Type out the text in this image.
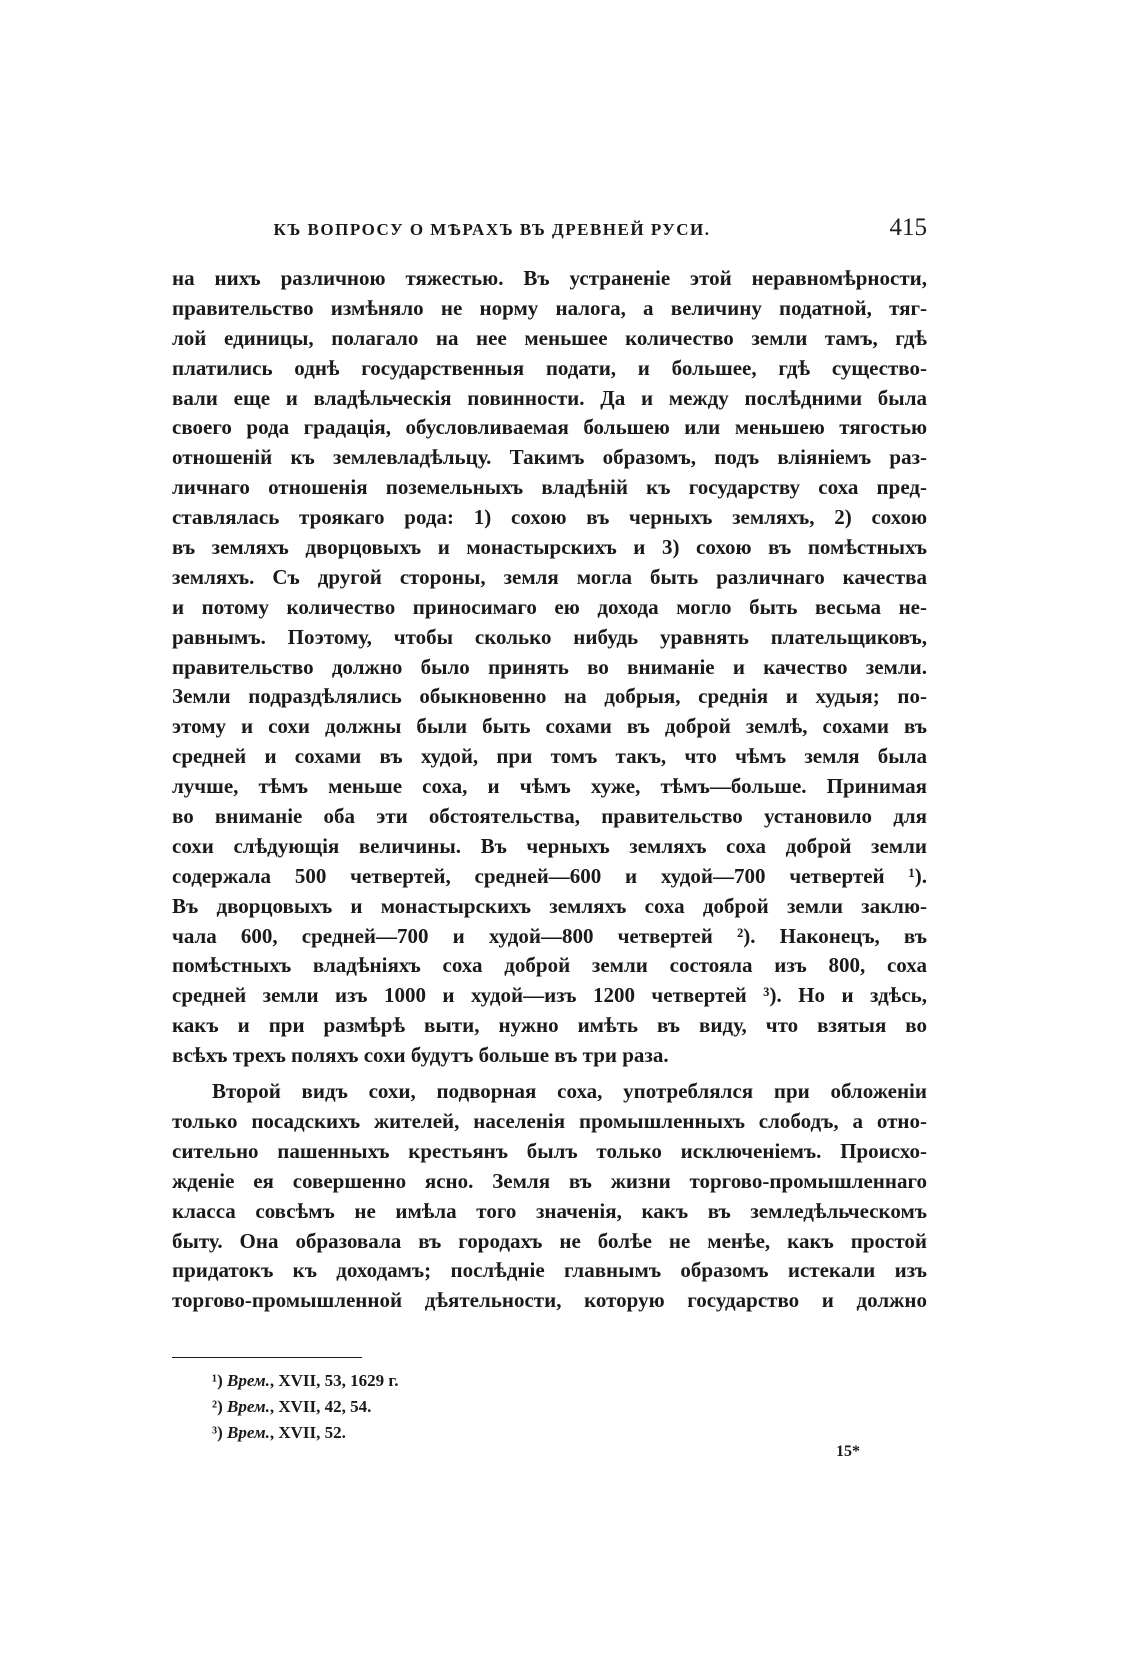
КЪ ВОПРОСУ О МѢРАХЪ ВЪ ДРЕВНЕЙ РУСИ.	415
на нихъ различною тяжестью. Въ устраненіе этой неравномѣрности,
правительство измѣняло не норму налога, а величину податной, тяг-
лой единицы, полагало на нее меньшее количество земли тамъ, гдѣ
платились однѣ государственныя подати, и большее, гдѣ существо-
вали еще и владѣльческія повинности. Да и между послѣдними была
своего рода градація, обусловливаемая большею или меньшею тягостью
отношеній къ землевладѣльцу. Такимъ образомъ, подъ вліяніемъ раз-
личнаго отношенія поземельныхъ владѣній къ государству соха пред-
ставлялась троякаго рода: 1) сохою въ черныхъ земляхъ, 2) сохою
въ земляхъ дворцовыхъ и монастырскихъ и 3) сохою въ помѣстныхъ
земляхъ. Съ другой стороны, земля могла быть различнаго качества
и потому количество приносимаго ею дохода могло быть весьма не-
равнымъ. Поэтому, чтобы сколько нибудь уравнять плательщиковъ,
правительство должно было принять во вниманіе и качество земли.
Земли подраздѣлялись обыкновенно на добрыя, среднія и худыя; по-
этому и сохи должны были быть сохами въ доброй землѣ, сохами въ
средней и сохами въ худой, при томъ такъ, что чѣмъ земля была
лучше, тѣмъ меньше соха, и чѣмъ хуже, тѣмъ—больше. Принимая
во вниманіе оба эти обстоятельства, правительство установило для
сохи слѣдующія величины. Въ черныхъ земляхъ соха доброй земли
содержала 500 четвертей, средней—600 и худой—700 четвертей ¹).
Въ дворцовыхъ и монастырскихъ земляхъ соха доброй земли заклю-
чала 600, средней—700 и худой—800 четвертей ²). Наконецъ, въ
помѣстныхъ владѣніяхъ соха доброй земли состояла изъ 800, соха
средней земли изъ 1000 и худой—изъ 1200 четвертей ³). Но и здѣсь,
какъ и при размѣрѣ выти, нужно имѣть въ виду, что взятыя во
всѣхъ трехъ поляхъ сохи будутъ больше въ три раза.
Второй видъ сохи, подворная соха, употреблялся при обложеніи
только посадскихъ жителей, населенія промышленныхъ слободъ, а отно-
сительно пашенныхъ крестьянъ былъ только исключеніемъ. Происхо-
жденіе ея совершенно ясно. Земля въ жизни торгово-промышленнаго
класса совсѣмъ не имѣла того значенія, какъ въ земледѣльческомъ
быту. Она образовала въ городахъ не болѣе не менѣе, какъ простой
придатокъ къ доходамъ; послѣдніе главнымъ образомъ истекали изъ
торгово-промышленной дѣятельности, которую государство и должно
¹) Врем., XVII, 53, 1629 г.
²) Врем., XVII, 42, 54.
³) Врем., XVII, 52.
15*
